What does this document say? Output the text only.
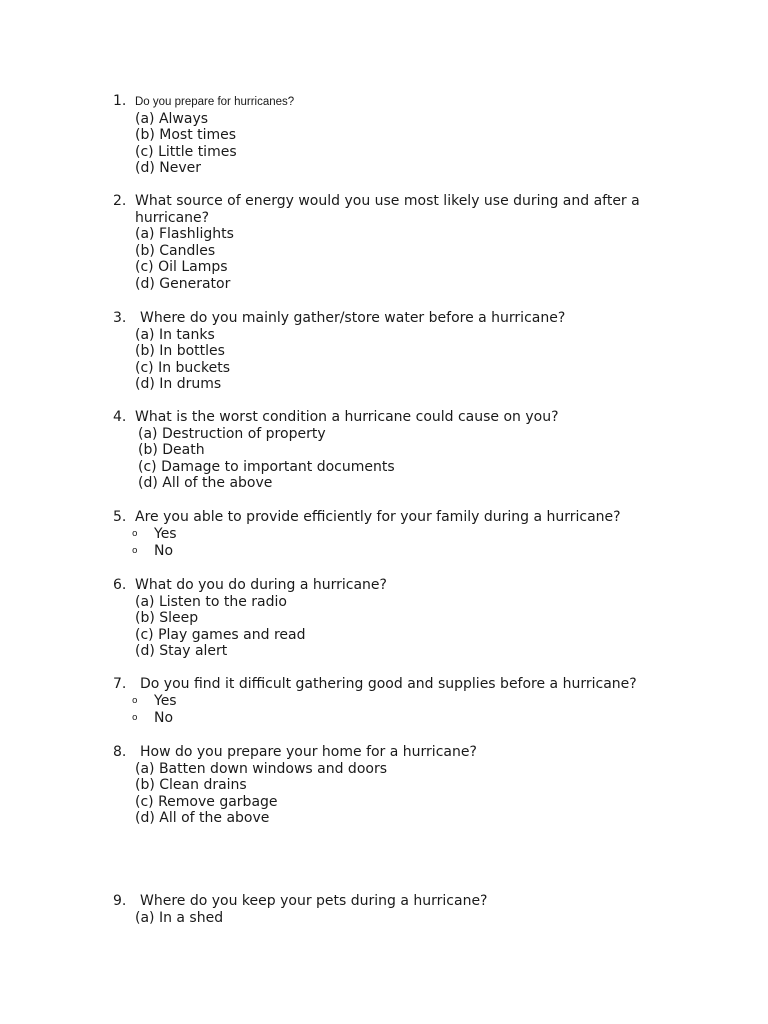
1. Do you prepare for hurricanes?
(a) Always
(b) Most times
(c) Little times
(d) Never
2. What source of energy would you use most likely use during and after a hurricane?
(a) Flashlights
(b) Candles
(c) Oil Lamps
(d) Generator
3. Where do you mainly gather/store water before a hurricane?
(a) In tanks
(b) In bottles
(c) In buckets
(d) In drums
4. What is the worst condition a hurricane could cause on you?
(a) Destruction of property
(b) Death
(c) Damage to important documents
(d) All of the above
5. Are you able to provide efficiently for your family during a hurricane?
o	Yes
o	No
6. What do you do during a hurricane?
(a) Listen to the radio
(b) Sleep
(c) Play games and read
(d) Stay alert
7. Do you find it difficult gathering good and supplies before a hurricane?
o	Yes
o	No
8. How do you prepare your home for a hurricane?
(a) Batten down windows and doors
(b) Clean drains
(c) Remove garbage
(d) All of the above
9. Where do you keep your pets during a hurricane?
(a) In a shed
